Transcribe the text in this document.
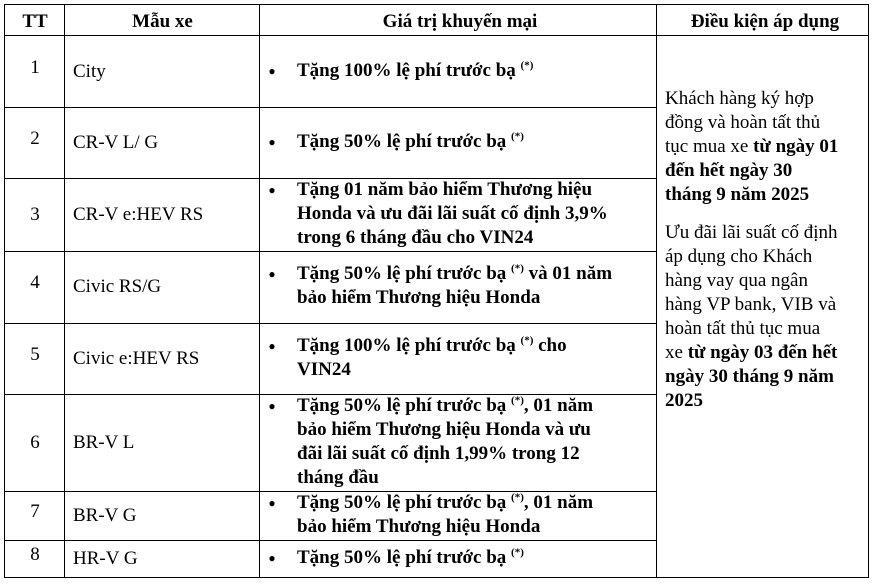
TT	Mẫu xe	Giá trị khuyến mại	Điều kiện áp dụng
1	City	● Tặng 100% lệ phí trước bạ (*)
2	CR-V L/ G	● Tặng 50% lệ phí trước bạ (*)
3	CR-V e:HEV RS
● Tặng 01 năm bảo hiểm Thương hiệu
Honda và ưu đãi lãi suất cố định 3,9%
trong 6 tháng đầu cho VIN24
4	Civic RS/G
● Tặng 50% lệ phí trước bạ (*) và 01 năm
bảo hiểm Thương hiệu Honda
5	Civic e:HEV RS
● Tặng 100% lệ phí trước bạ (*) cho
VIN24
6	BR-V L
● Tặng 50% lệ phí trước bạ (*), 01 năm
bảo hiểm Thương hiệu Honda và ưu
đãi lãi suất cố định 1,99% trong 12
tháng đầu
7	BR-V G
● Tặng 50% lệ phí trước bạ (*), 01 năm
bảo hiểm Thương hiệu Honda
8	HR-V G	● Tặng 50% lệ phí trước bạ (*)
Khách hàng ký hợp
đồng và hoàn tất thủ
tục mua xe từ ngày 01
đến hết ngày 30
tháng 9 năm 2025
Ưu đãi lãi suất cố định
áp dụng cho Khách
hàng vay qua ngân
hàng VP bank, VIB và
hoàn tất thủ tục mua
xe từ ngày 03 đến hết
ngày 30 tháng 9 năm
2025
